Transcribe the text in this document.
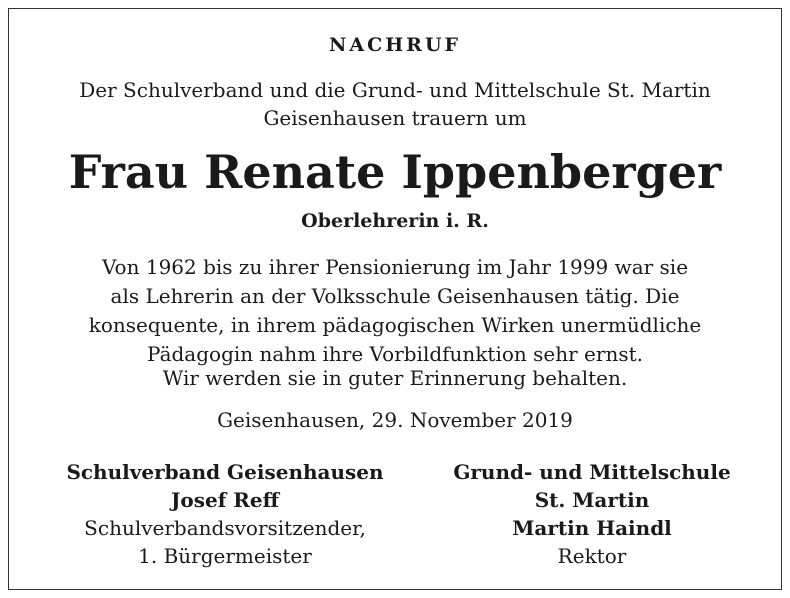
NACHRUF
Der Schulverband und die Grund- und Mittelschule St. Martin
Geisenhausen trauern um
Frau Renate Ippenberger
Oberlehrerin i. R.
Von 1962 bis zu ihrer Pensionierung im Jahr 1999 war sie
als Lehrerin an der Volksschule Geisenhausen tätig. Die
konsequente, in ihrem pädagogischen Wirken unermüdliche
Pädagogin nahm ihre Vorbildfunktion sehr ernst.
Wir werden sie in guter Erinnerung behalten.
Geisenhausen, 29. November 2019
Schulverband Geisenhausen
Josef Reff
Schulverbandsvorsitzender,
1. Bürgermeister
Grund- und Mittelschule
St. Martin
Martin Haindl
Rektor
